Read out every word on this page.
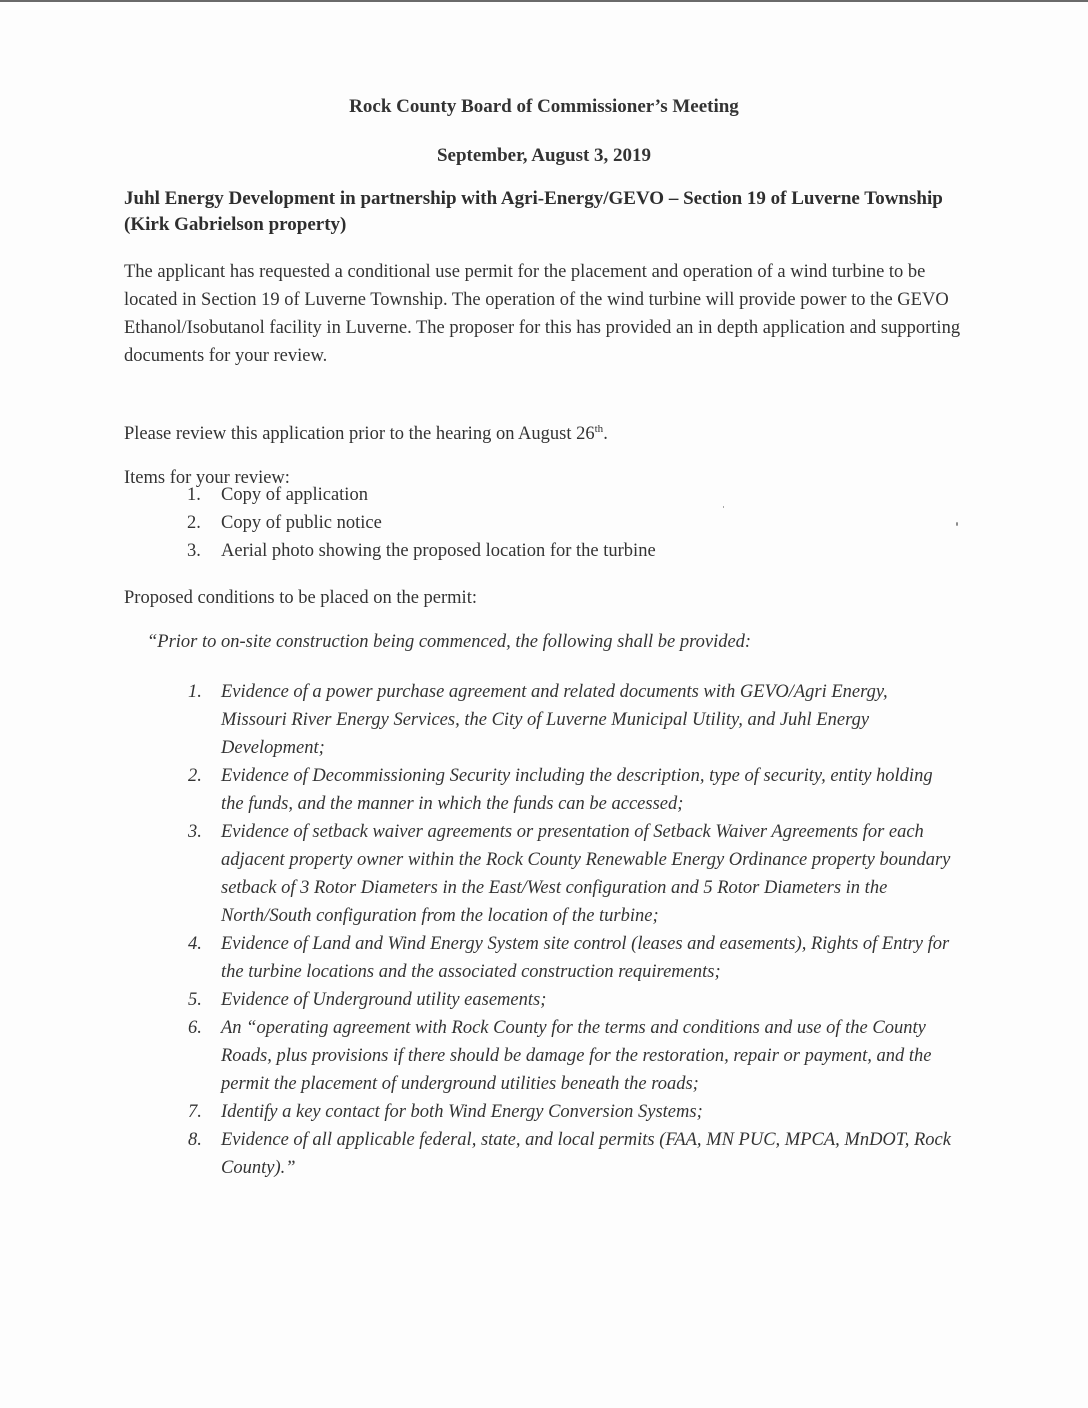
Rock County Board of Commissioner’s Meeting
September, August 3, 2019
Juhl Energy Development in partnership with Agri-Energy/GEVO – Section 19 of Luverne Township (Kirk Gabrielson property)
The applicant has requested a conditional use permit for the placement and operation of a wind turbine to be located in Section 19 of Luverne Township. The operation of the wind turbine will provide power to the GEVO Ethanol/Isobutanol facility in Luverne. The proposer for this has provided an in depth application and supporting documents for your review.
Please review this application prior to the hearing on August 26th.
Items for your review:
1.	Copy of application
2.	Copy of public notice
3.	Aerial photo showing the proposed location for the turbine
Proposed conditions to be placed on the permit:
“Prior to on-site construction being commenced, the following shall be provided:
1.	Evidence of a power purchase agreement and related documents with GEVO/Agri Energy, Missouri River Energy Services, the City of Luverne Municipal Utility, and Juhl Energy Development;
2.	Evidence of Decommissioning Security including the description, type of security, entity holding the funds, and the manner in which the funds can be accessed;
3.	Evidence of setback waiver agreements or presentation of Setback Waiver Agreements for each adjacent property owner within the Rock County Renewable Energy Ordinance property boundary setback of 3 Rotor Diameters in the East/West configuration and 5 Rotor Diameters in the North/South configuration from the location of the turbine;
4.	Evidence of Land and Wind Energy System site control (leases and easements), Rights of Entry for the turbine locations and the associated construction requirements;
5.	Evidence of Underground utility easements;
6.	An “operating agreement with Rock County for the terms and conditions and use of the County Roads, plus provisions if there should be damage for the restoration, repair or payment, and the permit the placement of underground utilities beneath the roads;
7.	Identify a key contact for both Wind Energy Conversion Systems;
8.	Evidence of all applicable federal, state, and local permits (FAA, MN PUC, MPCA, MnDOT, Rock County).”
